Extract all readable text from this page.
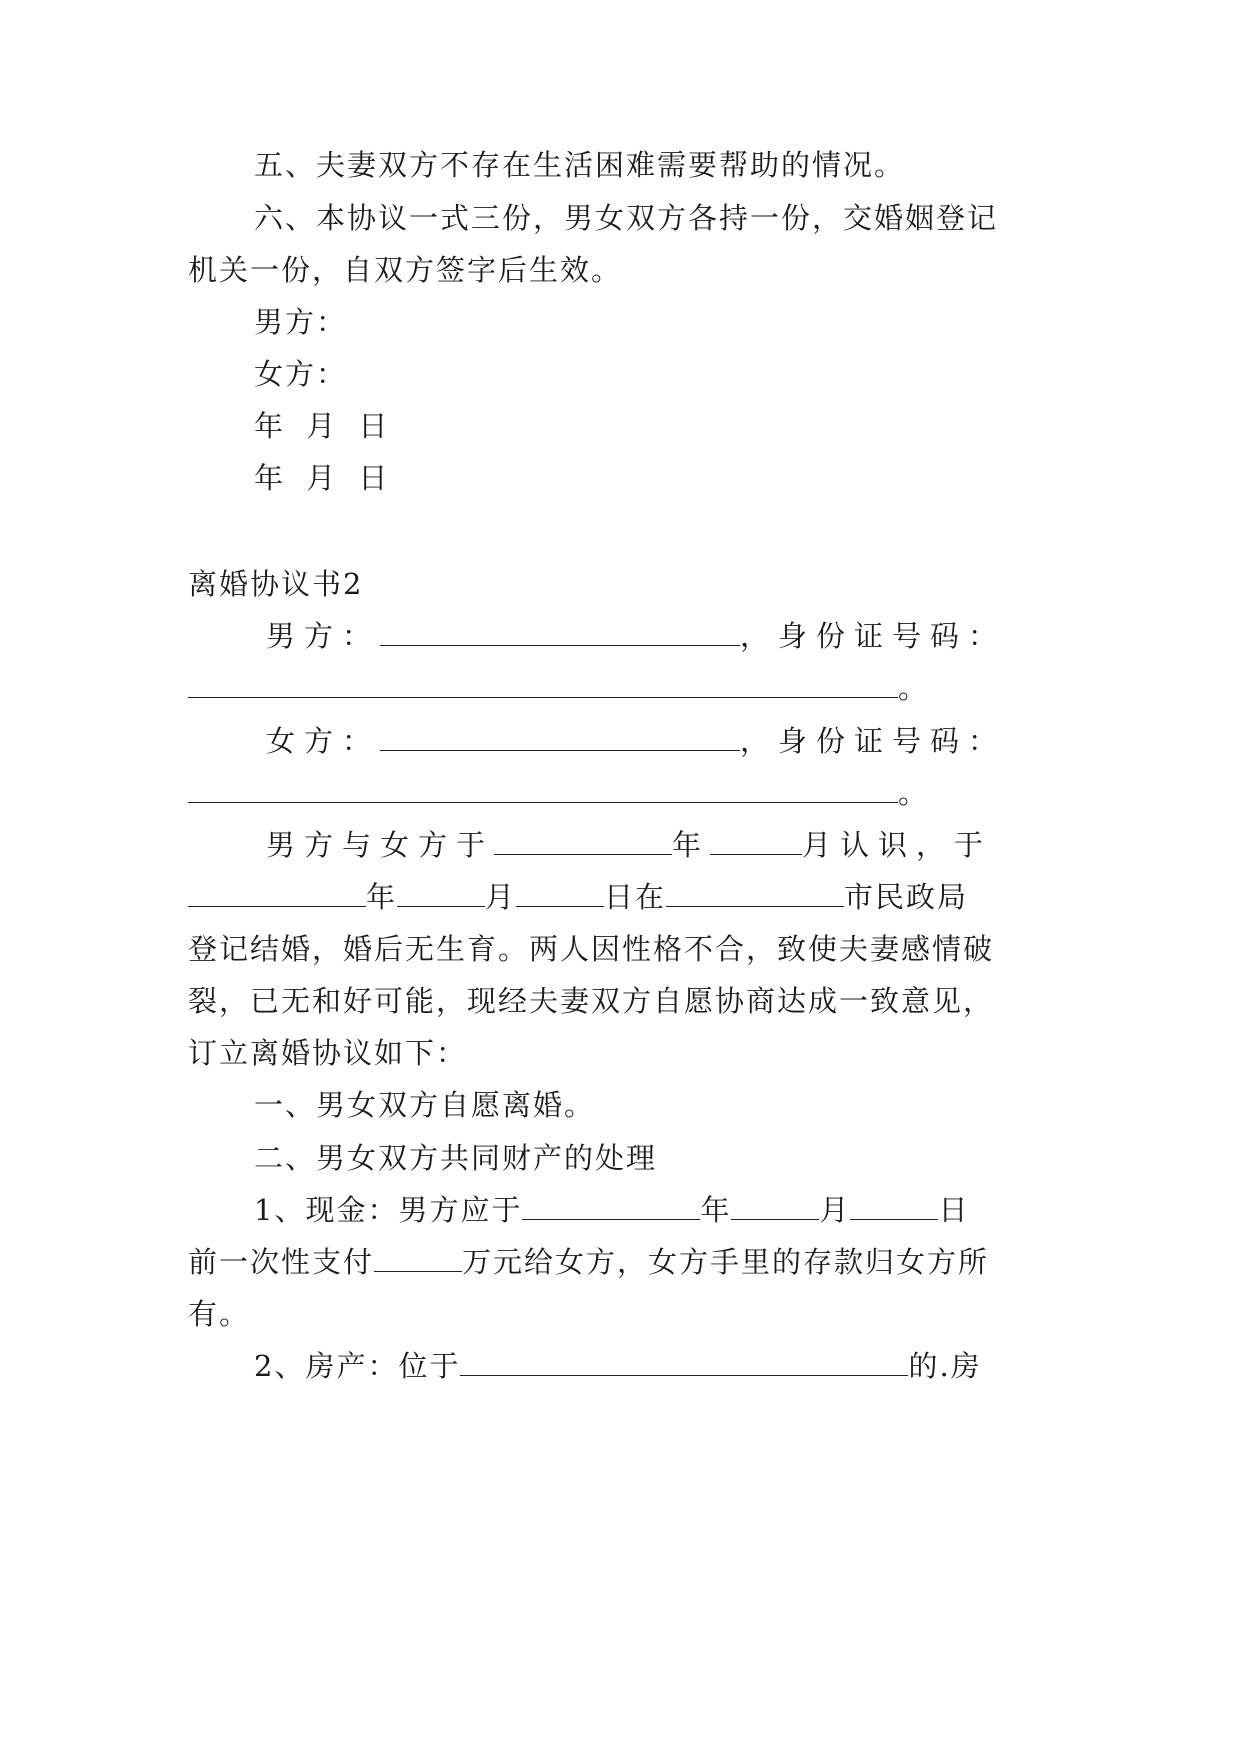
五、夫妻双方不存在生活困难需要帮助的情况。
六、本协议一式三份，男女双方各持一份，交婚姻登记
机关一份，自双方签字后生效。
男方：
女方：
年 月 日
年 月 日
离婚协议书2
男方：	，身份证号码：
。
女方：	，身份证号码：
。
男方与女方于	年	月认识，于
年	月	日在	市民政局
登记结婚，婚后无生育。两人因性格不合，致使夫妻感情破
裂，已无和好可能，现经夫妻双方自愿协商达成一致意见，
订立离婚协议如下：
一、男女双方自愿离婚。
二、男女双方共同财产的处理
1、现金：男方应于	年	月	日
前一次性支付	万元给女方，女方手里的存款归女方所
有。
2、房产：位于	的.房
